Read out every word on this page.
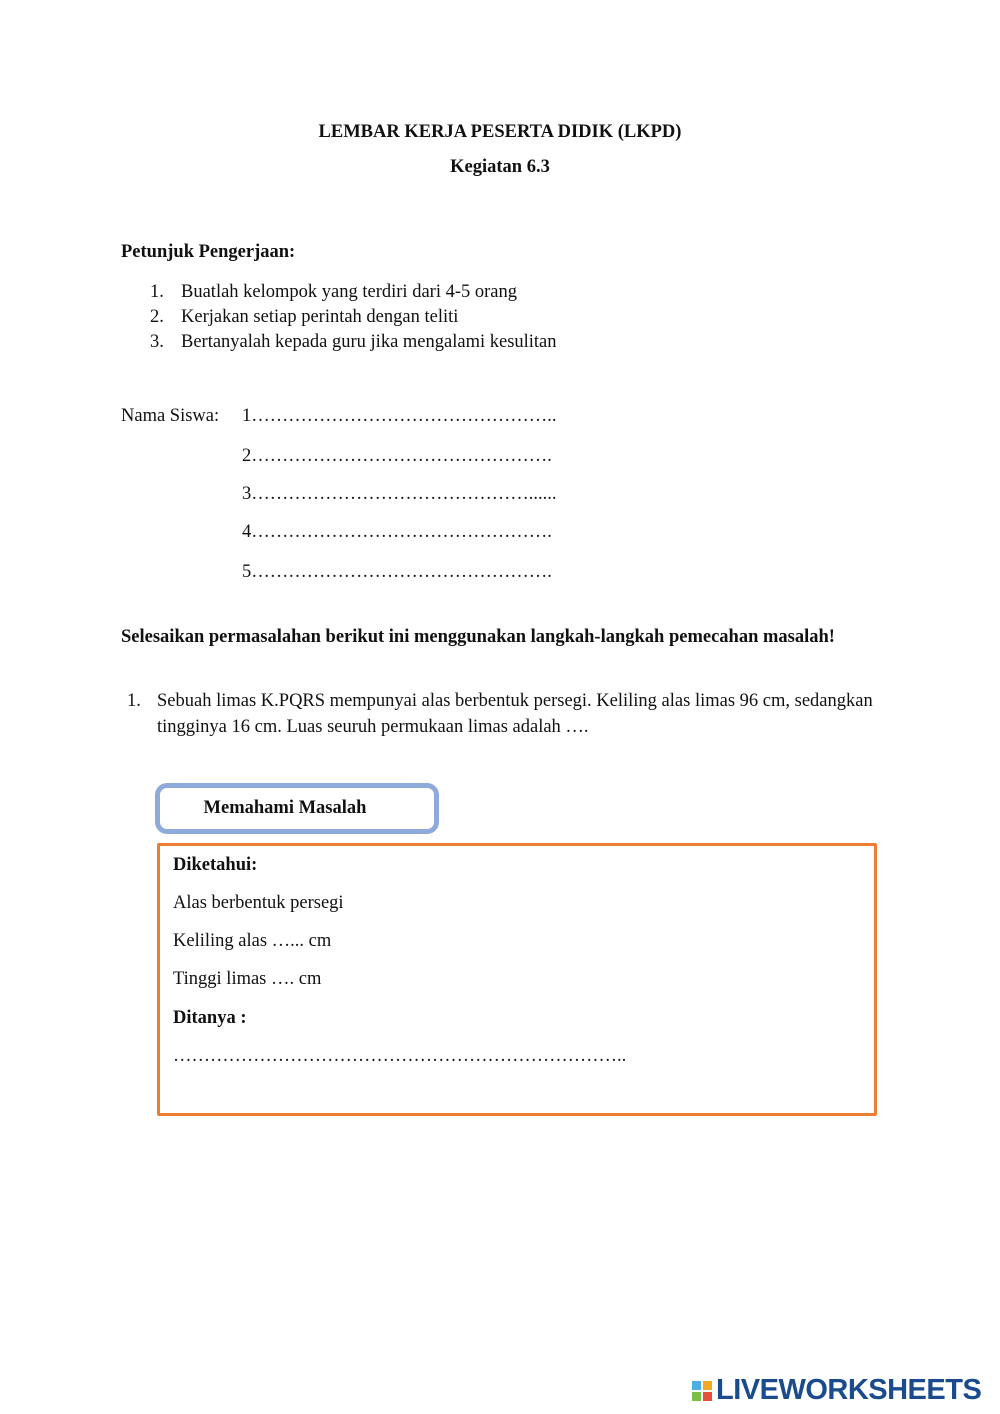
LEMBAR KERJA PESERTA DIDIK (LKPD)
Kegiatan 6.3
Petunjuk Pengerjaan:
1. Buatlah kelompok yang terdiri dari 4-5 orang
2. Kerjakan setiap perintah dengan teliti
3. Bertanyalah kepada guru jika mengalami kesulitan
Nama Siswa: 1…………………………………………..
2………………………………………….
3………………………………………......
4………………………………………….
5………………………………………….
Selesaikan permasalahan berikut ini menggunakan langkah-langkah pemecahan masalah!
1. Sebuah limas K.PQRS mempunyai alas berbentuk persegi. Keliling alas limas 96 cm, sedangkan tingginya 16 cm. Luas seuruh permukaan limas adalah ….
Memahami Masalah
Diketahui:
Alas berbentuk persegi
Keliling alas …... cm
Tinggi limas …. cm
Ditanya :
………………………………………………………………..
LIVEWORKSHEETS
